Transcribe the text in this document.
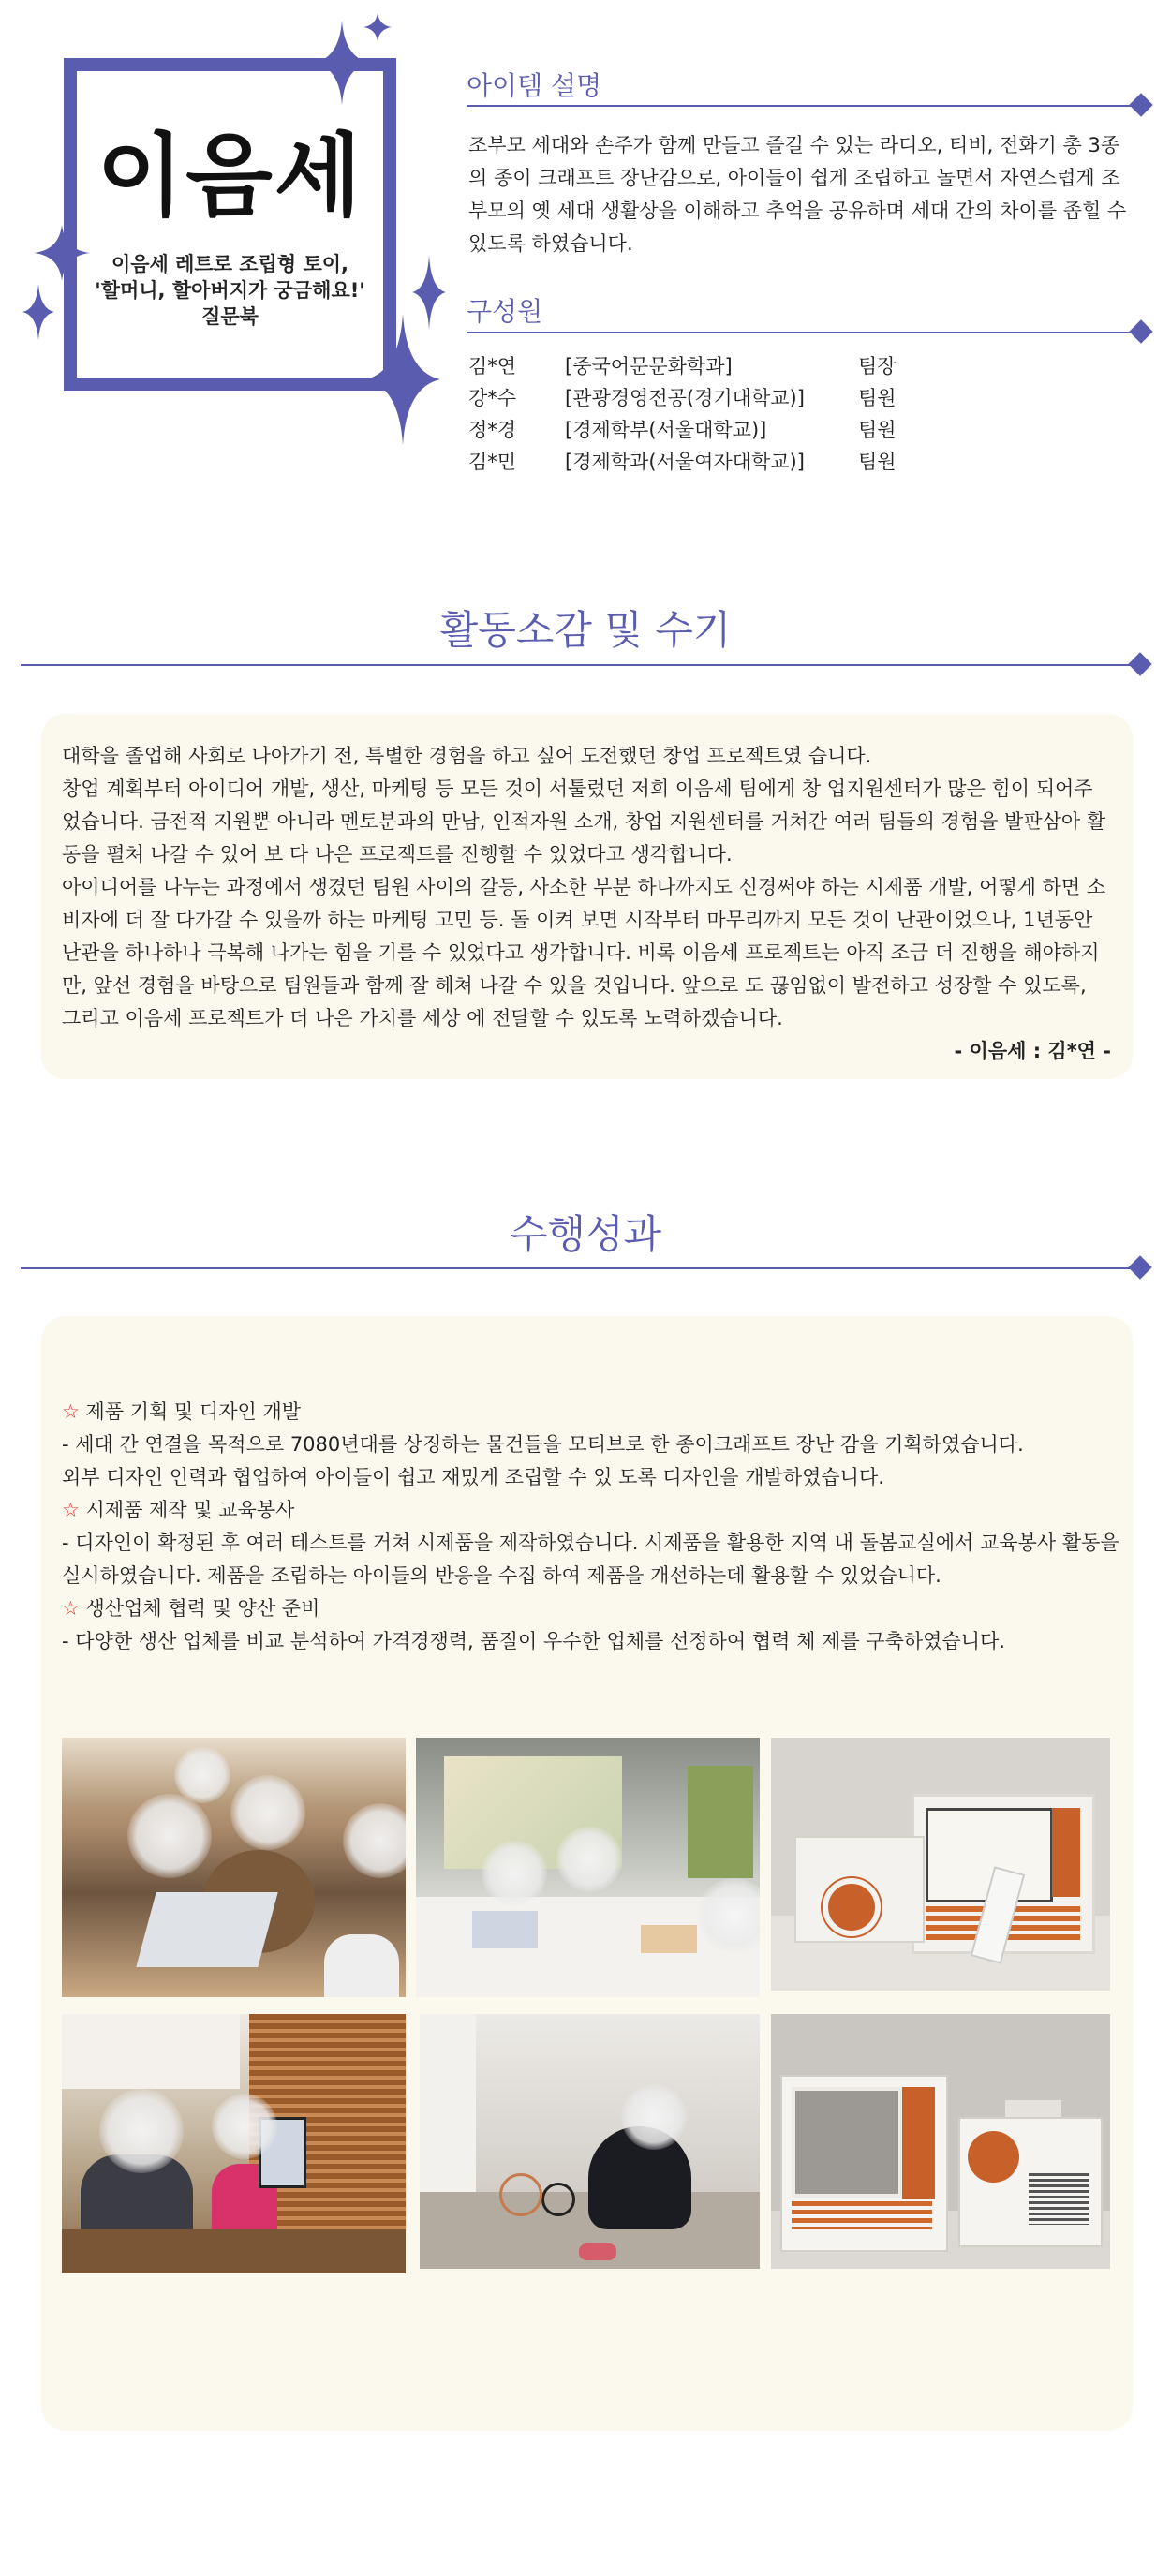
이음세
이음세 레트로 조립형 토이,
'할머니, 할아버지가 궁금해요!'
질문북
아이템 설명
조부모 세대와 손주가 함께 만들고 즐길 수 있는 라디오, 티비, 전화기 총 3종의 종이 크래프트 장난감으로, 아이들이 쉽게 조립하고 놀면서 자연스럽게 조부모의 옛 세대 생활상을 이해하고 추억을 공유하며 세대 간의 차이를 좁힐 수 있도록 하였습니다.
구성원
김*연	[중국어문문화학과]	팀장
강*수	[관광경영전공(경기대학교)]	팀원
정*경	[경제학부(서울대학교)]	팀원
김*민	[경제학과(서울여자대학교)]	팀원
활동소감 및 수기

대학을 졸업해 사회로 나아가기 전, 특별한 경험을 하고 싶어 도전했던 창업 프로젝트였 습니다.

창업 계획부터 아이디어 개발, 생산, 마케팅 등 모든 것이 서툴렀던 저희 이음세 팀에게 창 업지원센터가 많은 힘이 되어주었습니다. 금전적 지원뿐 아니라 멘토분과의 만남, 인적자원 소개, 창업 지원센터를 거쳐간 여러 팀들의 경험을 발판삼아 활동을 펼쳐 나갈 수 있어 보 다 나은 프로젝트를 진행할 수 있었다고 생각합니다.

아이디어를 나누는 과정에서 생겼던 팀원 사이의 갈등, 사소한 부분 하나까지도 신경써야 하는 시제품 개발, 어떻게 하면 소비자에 더 잘 다가갈 수 있을까 하는 마케팅 고민 등. 돌 이켜 보면 시작부터 마무리까지 모든 것이 난관이었으나, 1년동안 난관을 하나하나 극복해 나가는 힘을 기를 수 있었다고 생각합니다. 비록 이음세 프로젝트는 아직 조금 더 진행을 해야하지만, 앞선 경험을 바탕으로 팀원들과 함께 잘 헤쳐 나갈 수 있을 것입니다. 앞으로 도 끊임없이 발전하고 성장할 수 있도록, 그리고 이음세 프로젝트가 더 나은 가치를 세상 에 전달할 수 있도록 노력하겠습니다.

- 이음세 : 김*연 -

수행성과

☆ 제품 기획 및 디자인 개발

- 세대 간 연결을 목적으로 7080년대를 상징하는 물건들을 모티브로 한 종이크래프트 장난 감을 기획하였습니다.

외부 디자인 인력과 협업하여 아이들이 쉽고 재밌게 조립할 수 있 도록 디자인을 개발하였습니다.

☆ 시제품 제작 및 교육봉사

- 디자인이 확정된 후 여러 테스트를 거쳐 시제품을 제작하였습니다. 시제품을 활용한 지역 내 돌봄교실에서 교육봉사 활동을 실시하였습니다. 제품을 조립하는 아이들의 반응을 수집 하여 제품을 개선하는데 활용할 수 있었습니다.

☆ 생산업체 협력 및 양산 준비

- 다양한 생산 업체를 비교 분석하여 가격경쟁력, 품질이 우수한 업체를 선정하여 협력 체 제를 구축하였습니다.
